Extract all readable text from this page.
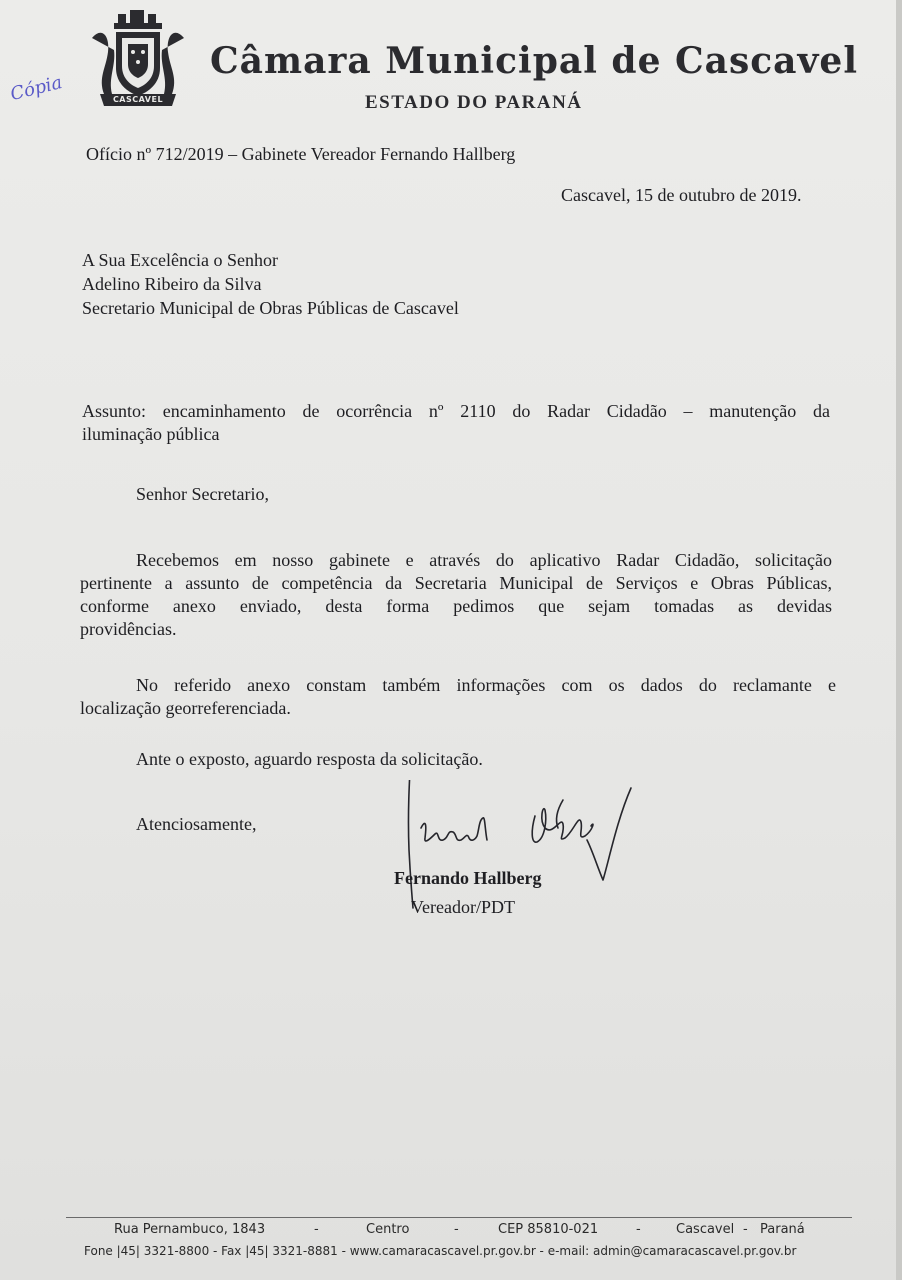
CASCAVEL
Cópia
Câmara Municipal de Cascavel
ESTADO DO PARANÁ
Ofício nº 712/2019 – Gabinete Vereador Fernando Hallberg
Cascavel, 15 de outubro de 2019.
A Sua Excelência o Senhor
Adelino Ribeiro da Silva
Secretario Municipal de Obras Públicas de Cascavel
Assunto: encaminhamento de ocorrência nº 2110 do Radar Cidadão – manutenção da
iluminação pública
Senhor Secretario,
Recebemos em nosso gabinete e através do aplicativo Radar Cidadão, solicitação
pertinente a assunto de competência da Secretaria Municipal de Serviços e Obras Públicas,
conforme anexo enviado, desta forma pedimos que sejam tomadas as devidas
providências.
No referido anexo constam também informações com os dados do reclamante e
localização georreferenciada.
Ante o exposto, aguardo resposta da solicitação.
Atenciosamente,
Fernando Hallberg
Vereador/PDT
Rua Pernambuco, 1843	-	Centro	-	CEP 85810-021	-	Cascavel - Paraná
Fone |45| 3321-8800 - Fax |45| 3321-8881 - www.camaracascavel.pr.gov.br - e-mail: admin@camaracascavel.pr.gov.br
